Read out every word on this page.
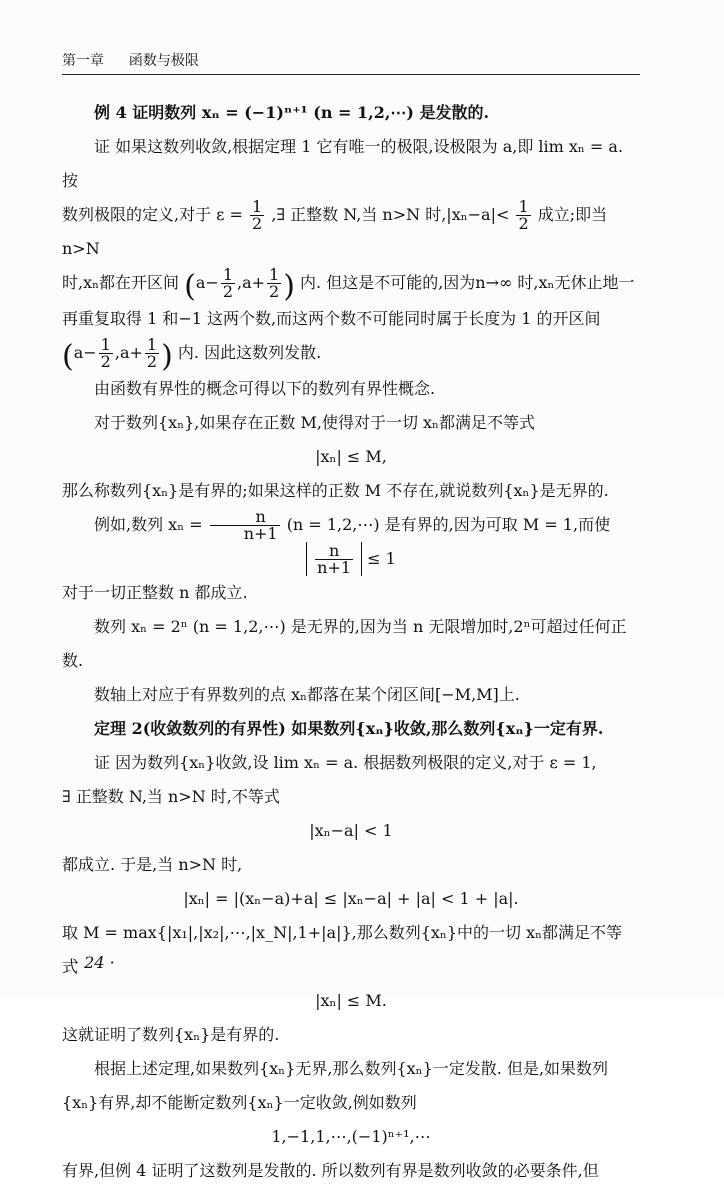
第一章 函数与极限

例 4 证明数列 xₙ = (−1)ⁿ⁺¹ (n = 1,2,⋯) 是发散的.

证 如果这数列收敛,根据定理 1 它有唯一的极限,设极限为 a,即 lim xₙ = a. 按

数列极限的定义,对于 $\varepsilon = \frac{1}{2}$ ,∃ 正整数 N,当 n>N 时$,|x_n-a|< \frac{1}{2}$ 成立;即当 n>N

时,xₙ都在开区间 ($a- \frac{1}{2} ,a+ \frac{1}{2}$ ) 内. 但这是不可能的,因为n→∞ 时,xₙ无休止地一

再重复取得 1 和−1 这两个数,而这两个数不可能同时属于长度为 1 的开区间

($a- \frac{1}{2} ,a+ \frac{1}{2}$ ) 内. 因此这数列发散.

由函数有界性的概念可得以下的数列有界性概念.

对于数列{xₙ},如果存在正数 M,使得对于一切 xₙ都满足不等式

|xₙ| ≤ M,

那么称数列{xₙ}是有界的;如果这样的正数 M 不存在,就说数列{xₙ}是无界的.

例如,数列 $x_n = \frac{n}{n+1} (n$ = 1,2,⋯) 是有界的,因为可取 M = 1,而使

$\frac{n}{n+1} \le 1$

对于一切正整数 n 都成立.

数列 xₙ = 2ⁿ (n = 1,2,⋯) 是无界的,因为当 n 无限增加时,2ⁿ可超过任何正

数.

数轴上对应于有界数列的点 xₙ都落在某个闭区间[−M,M]上.

定理 2(收敛数列的有界性) 如果数列{xₙ}收敛,那么数列{xₙ}一定有界.

证 因为数列{xₙ}收敛,设 lim xₙ = a. 根据数列极限的定义,对于 ε = 1,

∃ 正整数 N,当 n>N 时,不等式

|xₙ−a| < 1

都成立. 于是,当 n>N 时,

|xₙ| = |(xₙ−a)+a| ≤ |xₙ−a| + |a| < 1 + |a|.

取 M = max{|x₁|,|x₂|,⋯,|x_N|,1+|a|},那么数列{xₙ}中的一切 xₙ都满足不等

式

|xₙ| ≤ M.

这就证明了数列{xₙ}是有界的.

根据上述定理,如果数列{xₙ}无界,那么数列{xₙ}一定发散. 但是,如果数列

{xₙ}有界,却不能断定数列{xₙ}一定收敛,例如数列

1,−1,1,⋯,(−1)ⁿ⁺¹,⋯

有界,但例 4 证明了这数列是发散的. 所以数列有界是数列收敛的必要条件,但

· 24 ·
